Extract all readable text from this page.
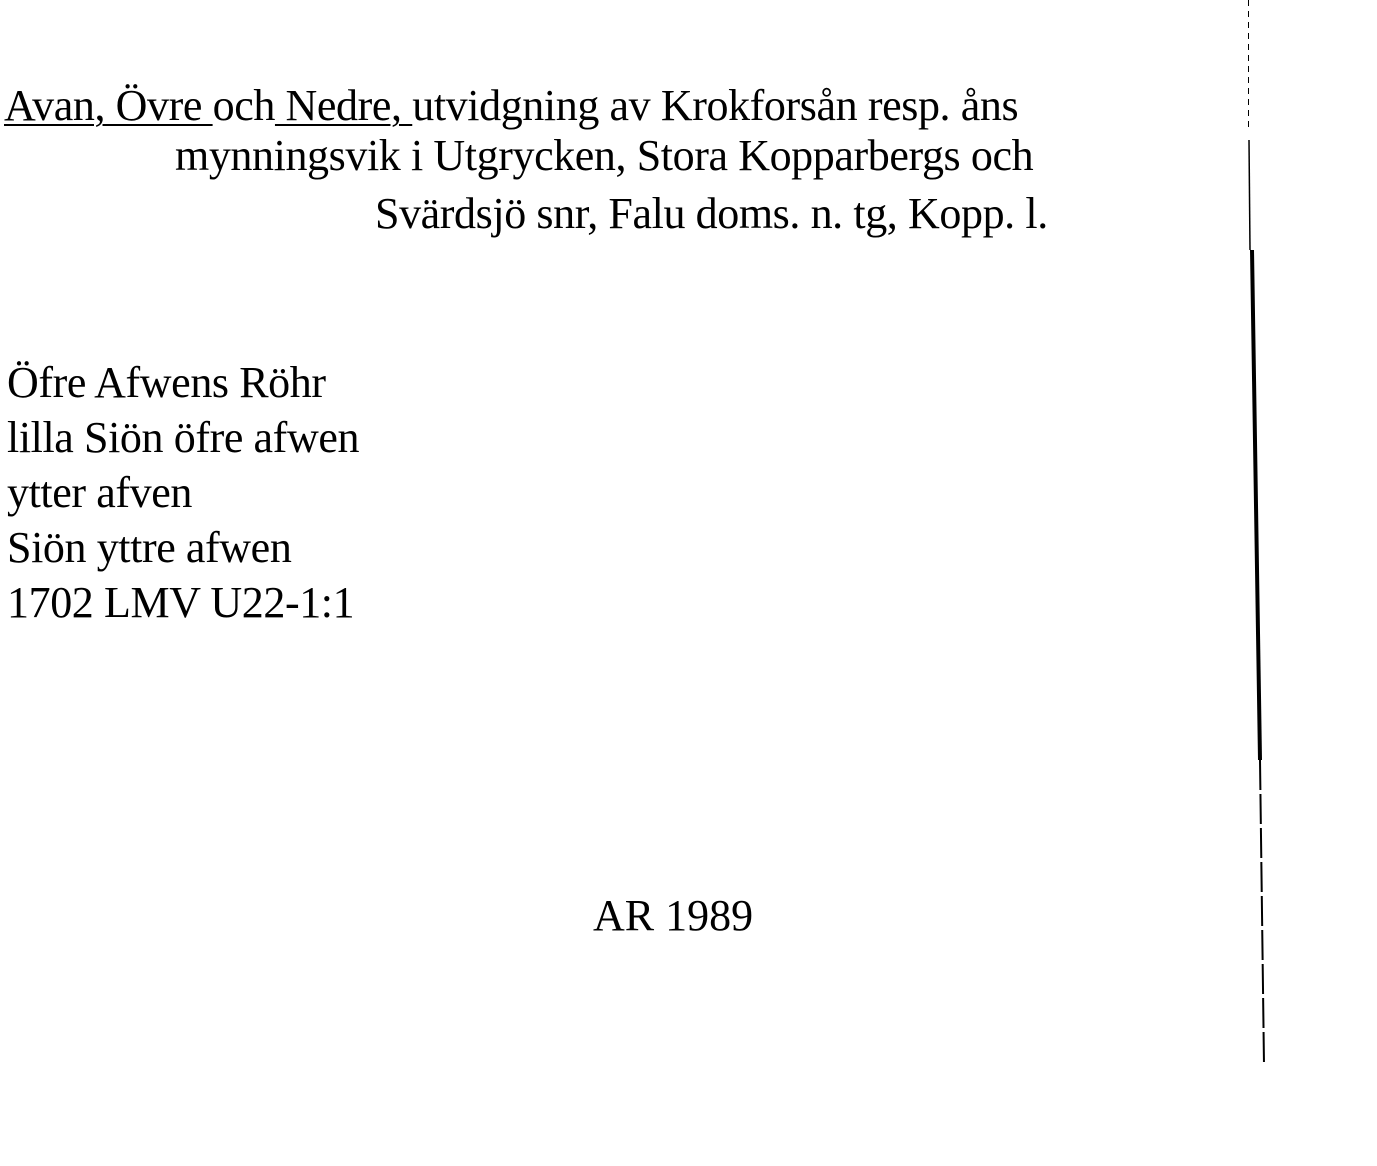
Avan, Övre och Nedre, utvidgning av Krokforsån resp. åns
mynningsvik i Utgrycken, Stora Kopparbergs och
Svärdsjö snr, Falu doms. n. tg, Kopp. l.
Öfre Afwens Röhr
lilla Siön öfre afwen
ytter afven
Siön yttre afwen
1702 LMV U22-1:1
AR 1989
